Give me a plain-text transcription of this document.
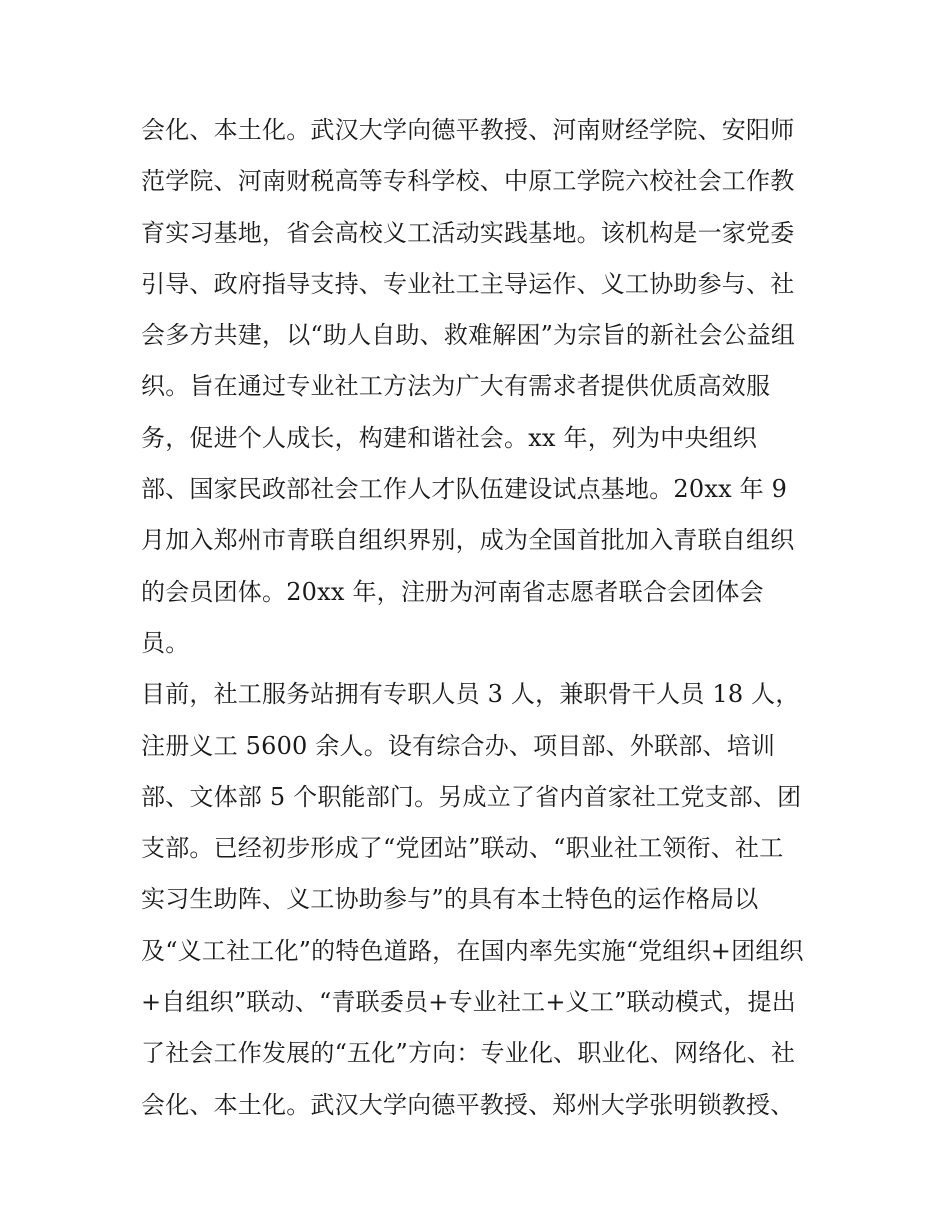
会化、本土化。武汉大学向德平教授、河南财经学院、安阳师
范学院、河南财税高等专科学校、中原工学院六校社会工作教
育实习基地，省会高校义工活动实践基地。该机构是一家党委
引导、政府指导支持、专业社工主导运作、义工协助参与、社
会多方共建，以“助人自助、救难解困”为宗旨的新社会公益组
织。旨在通过专业社工方法为广大有需求者提供优质高效服
务，促进个人成长，构建和谐社会。xx 年，列为中央组织
部、国家民政部社会工作人才队伍建设试点基地。20xx 年 9
月加入郑州市青联自组织界别，成为全国首批加入青联自组织
的会员团体。20xx 年，注册为河南省志愿者联合会团体会
员。
目前，社工服务站拥有专职人员 3 人，兼职骨干人员 18 人，
注册义工 5600 余人。设有综合办、项目部、外联部、培训
部、文体部 5 个职能部门。另成立了省内首家社工党支部、团
支部。已经初步形成了“党团站”联动、“职业社工领衔、社工
实习生助阵、义工协助参与”的具有本土特色的运作格局以
及“义工社工化”的特色道路，在国内率先实施“党组织+团组织
+自组织”联动、“青联委员+专业社工+义工”联动模式，提出
了社会工作发展的“五化”方向：专业化、职业化、网络化、社
会化、本土化。武汉大学向德平教授、郑州大学张明锁教授、
